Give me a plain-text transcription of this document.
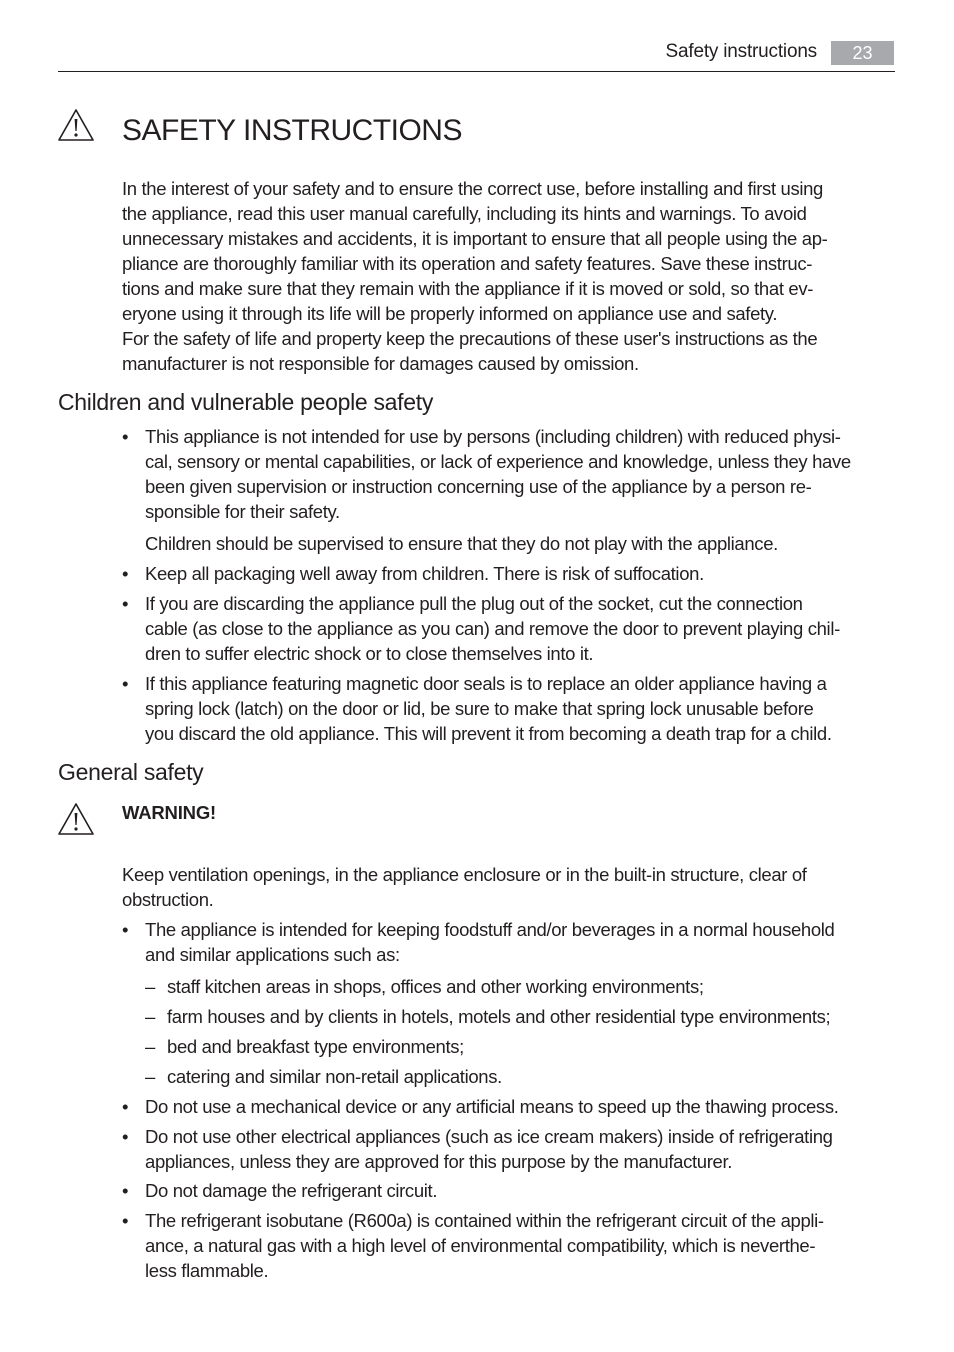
Safety instructions	23
SAFETY INSTRUCTIONS
In the interest of your safety and to ensure the correct use, before installing and first using
the appliance, read this user manual carefully, including its hints and warnings. To avoid
unnecessary mistakes and accidents, it is important to ensure that all people using the ap-
pliance are thoroughly familiar with its operation and safety features. Save these instruc-
tions and make sure that they remain with the appliance if it is moved or sold, so that ev-
eryone using it through its life will be properly informed on appliance use and safety.
For the safety of life and property keep the precautions of these user's instructions as the
manufacturer is not responsible for damages caused by omission.
Children and vulnerable people safety
• This appliance is not intended for use by persons (including children) with reduced physi-
cal, sensory or mental capabilities, or lack of experience and knowledge, unless they have
been given supervision or instruction concerning use of the appliance by a person re-
sponsible for their safety.
Children should be supervised to ensure that they do not play with the appliance.
• Keep all packaging well away from children. There is risk of suffocation.
• If you are discarding the appliance pull the plug out of the socket, cut the connection
cable (as close to the appliance as you can) and remove the door to prevent playing chil-
dren to suffer electric shock or to close themselves into it.
• If this appliance featuring magnetic door seals is to replace an older appliance having a
spring lock (latch) on the door or lid, be sure to make that spring lock unusable before
you discard the old appliance. This will prevent it from becoming a death trap for a child.
General safety
WARNING!
Keep ventilation openings, in the appliance enclosure or in the built-in structure, clear of
obstruction.
• The appliance is intended for keeping foodstuff and/or beverages in a normal household
and similar applications such as:
– staff kitchen areas in shops, offices and other working environments;
– farm houses and by clients in hotels, motels and other residential type environments;
– bed and breakfast type environments;
– catering and similar non-retail applications.
• Do not use a mechanical device or any artificial means to speed up the thawing process.
• Do not use other electrical appliances (such as ice cream makers) inside of refrigerating
appliances, unless they are approved for this purpose by the manufacturer.
• Do not damage the refrigerant circuit.
• The refrigerant isobutane (R600a) is contained within the refrigerant circuit of the appli-
ance, a natural gas with a high level of environmental compatibility, which is neverthe-
less flammable.
